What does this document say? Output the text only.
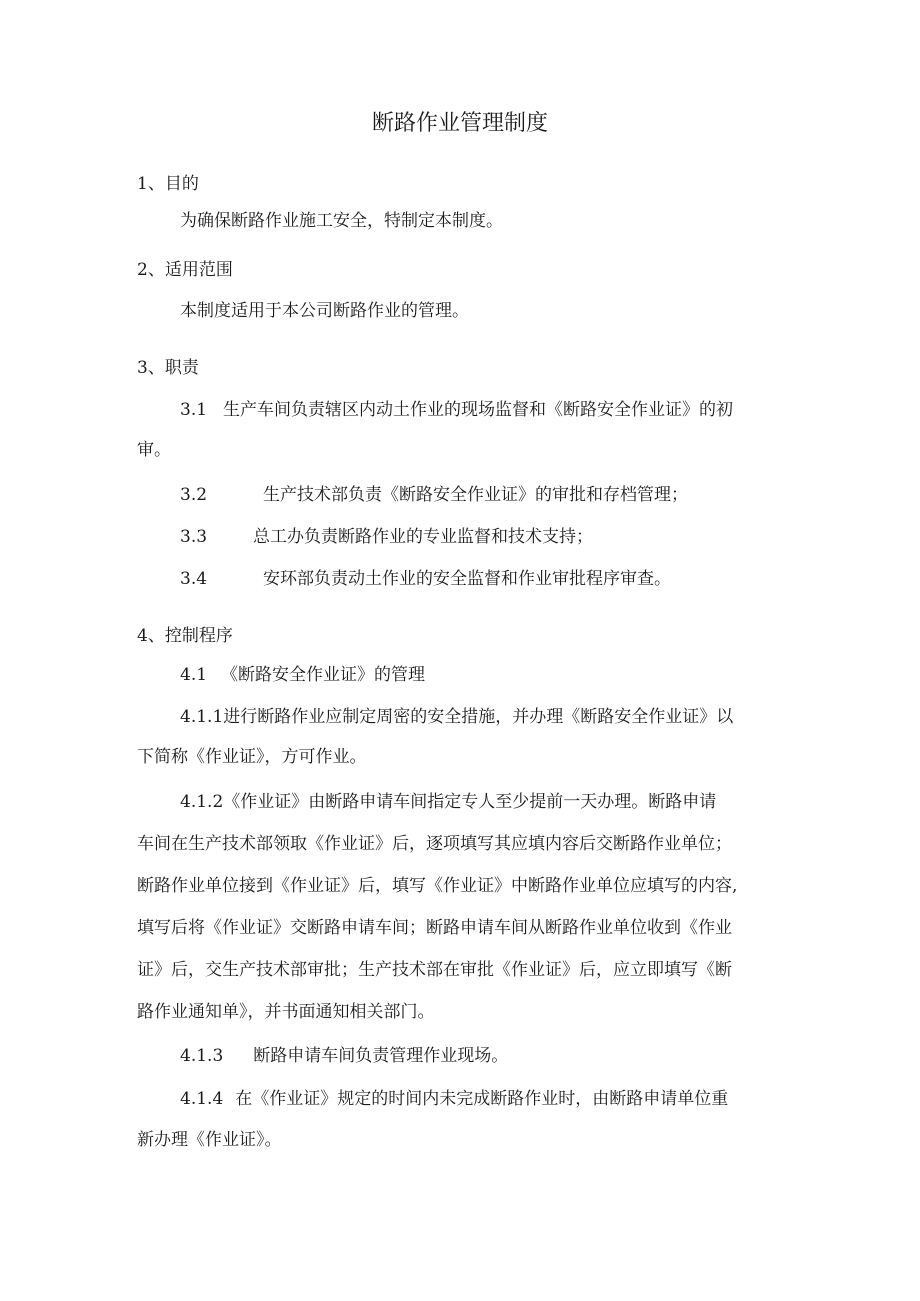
断路作业管理制度
1、目的
为确保断路作业施工安全，特制定本制度。
2、适用范围
本制度适用于本公司断路作业的管理。
3、职责
3.1 生产车间负责辖区内动土作业的现场监督和《断路安全作业证》的初
审。
3.2	生产技术部负责《断路安全作业证》的审批和存档管理；
3.3	总工办负责断路作业的专业监督和技术支持；
3.4	安环部负责动土作业的安全监督和作业审批程序审查。
4、控制程序
4.1 《断路安全作业证》的管理
4.1.1进行断路作业应制定周密的安全措施，并办理《断路安全作业证》以
下简称《作业证》，方可作业。
4.1.2《作业证》由断路申请车间指定专人至少提前一天办理。断路申请
车间在生产技术部领取《作业证》后，逐项填写其应填内容后交断路作业单位；
断路作业单位接到《作业证》后，填写《作业证》中断路作业单位应填写的内容,
填写后将《作业证》交断路申请车间；断路申请车间从断路作业单位收到《作业
证》后，交生产技术部审批；生产技术部在审批《作业证》后，应立即填写《断
路作业通知单》，并书面通知相关部门。
4.1.3 断路申请车间负责管理作业现场。
4.1.4 在《作业证》规定的时间内未完成断路作业时，由断路申请单位重
新办理《作业证》。
